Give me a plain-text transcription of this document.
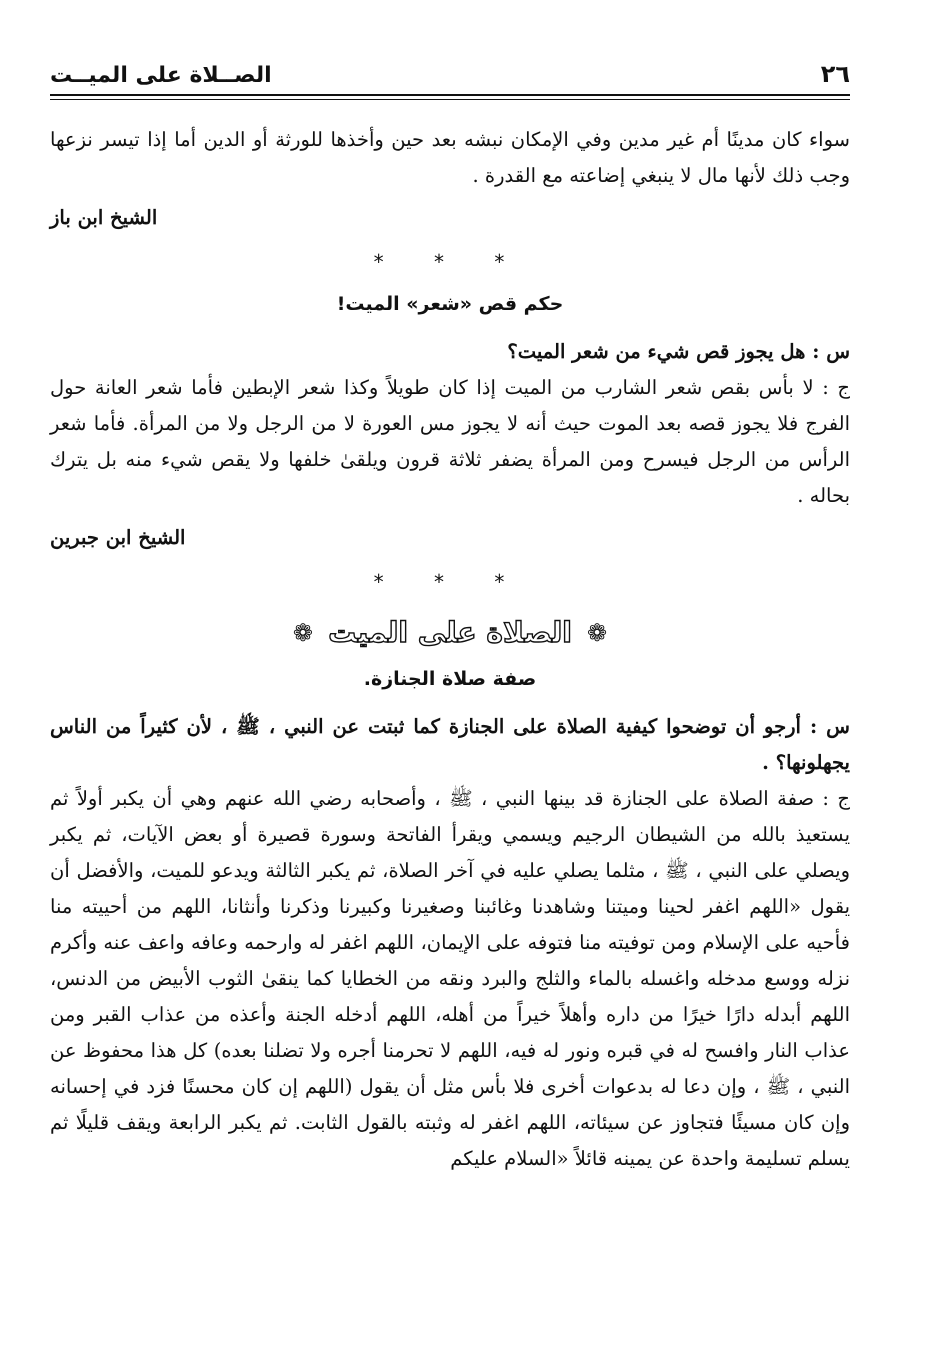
٢٦
الصــلاة على الميــت

سواء كان مدينًا أم غير مدين وفي الإمكان نبشه بعد حين وأخذها للورثة أو الدين أما إذا تيسر نزعها وجب ذلك لأنها مال لا ينبغي إضاعته مع القدرة .

الشيخ ابن باز
* * *
حكم قص «شعر» الميت!

س : هل يجوز قص شيء من شعر الميت؟

ج : لا بأس بقص شعر الشارب من الميت إذا كان طويلاً وكذا شعر الإبطين فأما شعر العانة حول الفرج فلا يجوز قصه بعد الموت حيث أنه لا يجوز مس العورة لا من الرجل ولا من المرأة. فأما شعر الرأس من الرجل فيسرح ومن المرأة يضفر ثلاثة قرون ويلقىٰ خلفها ولا يقص شيء منه بل يترك بحاله .

الشيخ ابن جبرين
* * *
❁ الصلاة على الميت ❁
صفة صلاة الجنازة.

س : أرجو أن توضحوا كيفية الصلاة على الجنازة كما ثبتت عن النبي ، ﷺ ، لأن كثيراً من الناس يجهلونها؟ .

ج : صفة الصلاة على الجنازة قد بينها النبي ، ﷺ ، وأصحابه رضي الله عنهم وهي أن يكبر أولاً ثم يستعيذ بالله من الشيطان الرجيم ويسمي ويقرأ الفاتحة وسورة قصيرة أو بعض الآيات، ثم يكبر ويصلي على النبي ، ﷺ ، مثلما يصلي عليه في آخر الصلاة، ثم يكبر الثالثة ويدعو للميت، والأفضل أن يقول «اللهم اغفر لحينا وميتنا وشاهدنا وغائبنا وصغيرنا وكبيرنا وذكرنا وأنثانا، اللهم من أحييته منا فأحيه على الإسلام ومن توفيته منا فتوفه على الإيمان، اللهم اغفر له وارحمه وعافه واعف عنه وأكرم نزله ووسع مدخله واغسله بالماء والثلج والبرد ونقه من الخطايا كما ينقىٰ الثوب الأبيض من الدنس، اللهم أبدله دارًا خيرًا من داره وأهلاً خيراً من أهله، اللهم أدخله الجنة وأعذه من عذاب القبر ومن عذاب النار وافسح له في قبره ونور له فيه، اللهم لا تحرمنا أجره ولا تضلنا بعده) كل هذا محفوظ عن النبي ، ﷺ ، وإن دعا له بدعوات أخرى فلا بأس مثل أن يقول (اللهم إن كان محسنًا فزد في إحسانه وإن كان مسيئًا فتجاوز عن سيئاته، اللهم اغفر له وثبته بالقول الثابت. ثم يكبر الرابعة ويقف قليلًا ثم يسلم تسليمة واحدة عن يمينه قائلاً «السلام عليكم
